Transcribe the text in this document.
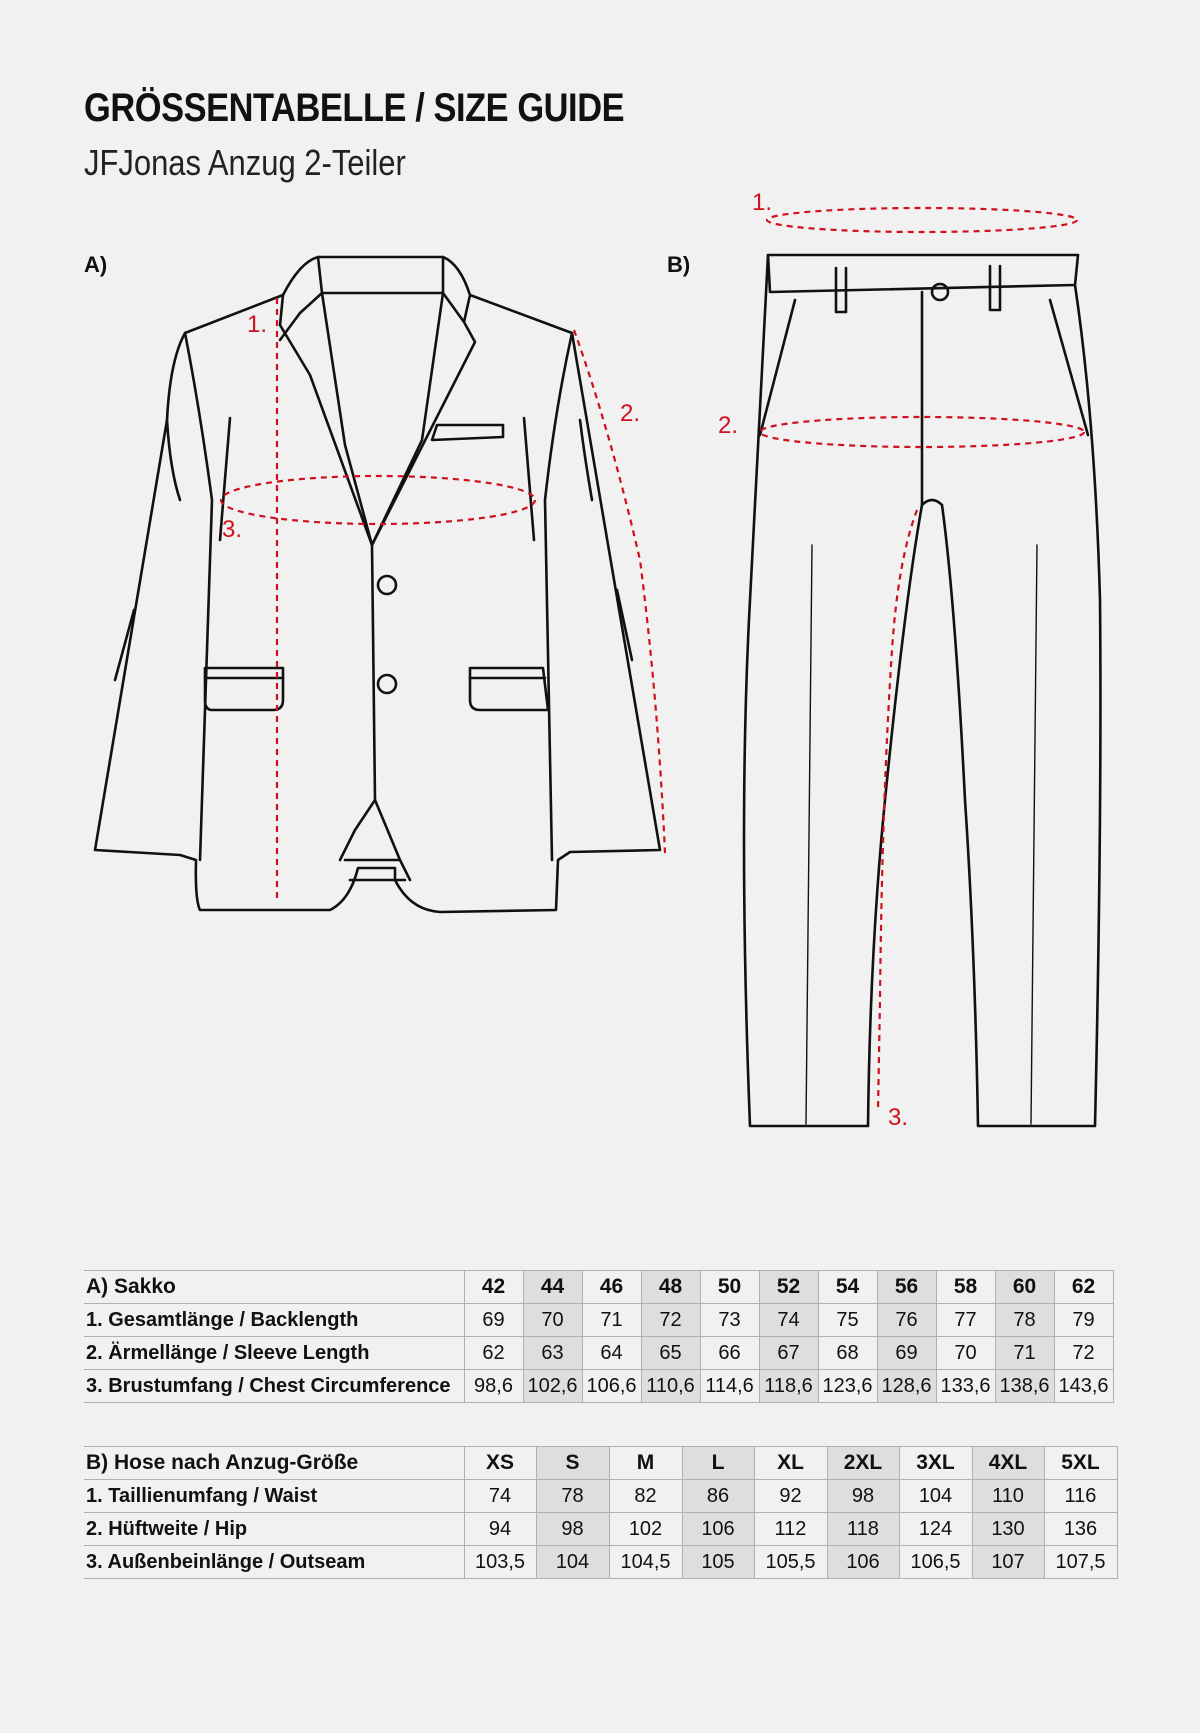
GRÖSSENTABELLE / SIZE GUIDE
JFJonas Anzug 2-Teiler
A)	B)
1.
2.
3.
1.
2.
3.
A) Sakko	42	44	46	48	50	52	54	56	58	60	62
1. Gesamtlänge / Backlength	69	70	71	72	73	74	75	76	77	78	79
2. Ärmellänge / Sleeve Length	62	63	64	65	66	67	68	69	70	71	72
3. Brustumfang / Chest Circumference	98,6	102,6	106,6	110,6	114,6	118,6	123,6	128,6	133,6	138,6	143,6
B) Hose nach Anzug-Größe	XS	S	M	L	XL	2XL	3XL	4XL	5XL
1. Taillienumfang / Waist	74	78	82	86	92	98	104	110	116
2. Hüftweite / Hip	94	98	102	106	112	118	124	130	136
3. Außenbeinlänge / Outseam	103,5	104	104,5	105	105,5	106	106,5	107	107,5
